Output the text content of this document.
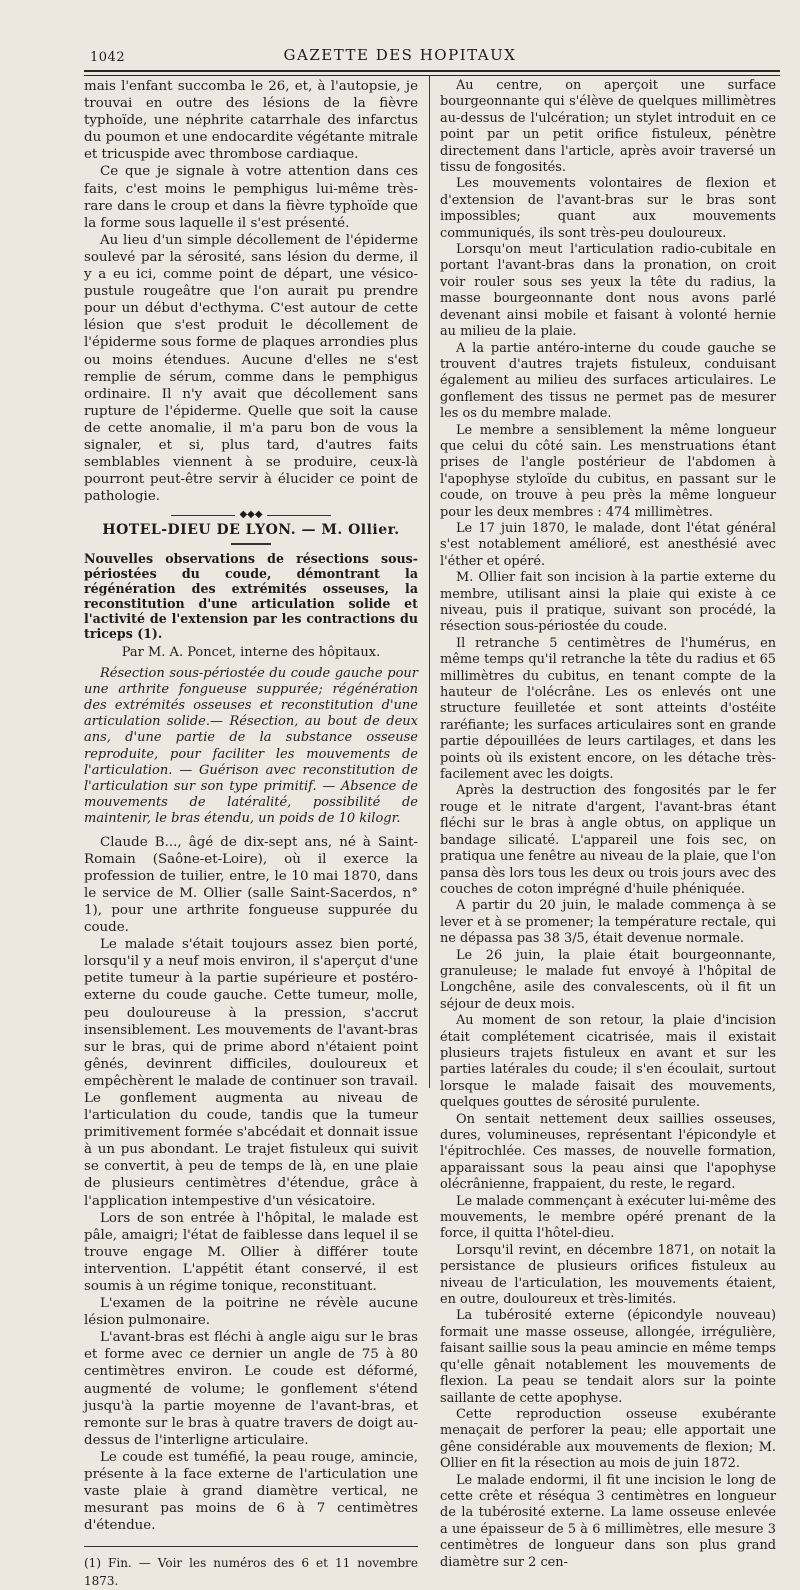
1042	GAZETTE DES HOPITAUX

mais l'enfant succomba le 26, et, à l'autopsie, je trouvai en outre des lésions de la fièvre typhoïde, une néphrite catarrhale des infarctus du poumon et une endocardite végétante mitrale et tricuspide avec thrombose cardiaque.

Ce que je signale à votre attention dans ces faits, c'est moins le pemphigus lui-même très-rare dans le croup et dans la fièvre typhoïde que la forme sous laquelle il s'est présenté.

Au lieu d'un simple décollement de l'épiderme soulevé par la sérosité, sans lésion du derme, il y a eu ici, comme point de départ, une vésico-pustule rougeâtre que l'on aurait pu prendre pour un début d'ecthyma. C'est autour de cette lésion que s'est produit le décollement de l'épiderme sous forme de plaques arrondies plus ou moins étendues. Aucune d'elles ne s'est remplie de sérum, comme dans le pemphigus ordinaire. Il n'y avait que décollement sans rupture de l'épiderme. Quelle que soit la cause de cette anomalie, il m'a paru bon de vous la signaler, et si, plus tard, d'autres faits semblables viennent à se produire, ceux-là pourront peut-être servir à élucider ce point de pathologie.

◆◆◆
HOTEL-DIEU DE LYON. — M. Ollier.

Nouvelles observations de résections sous-périostées du coude, démontrant la régénération des extrémités osseuses, la reconstitution d'une articulation solide et l'activité de l'extension par les contractions du triceps (1).

Par M. A. Poncet, interne des hôpitaux.

Résection sous-périostée du coude gauche pour une arthrite fongueuse suppurée; régénération des extrémités osseuses et reconstitution d'une articulation solide.— Résection, au bout de deux ans, d'une partie de la substance osseuse reproduite, pour faciliter les mouvements de l'articulation. — Guérison avec reconstitution de l'articulation sur son type primitif. — Absence de mouvements de latéralité, possibilité de maintenir, le bras étendu, un poids de 10 kilogr.

Claude B..., âgé de dix-sept ans, né à Saint-Romain (Saône-et-Loire), où il exerce la profession de tuilier, entre, le 10 mai 1870, dans le service de M. Ollier (salle Saint-Sacerdos, n° 1), pour une arthrite fongueuse suppurée du coude.

Le malade s'était toujours assez bien porté, lorsqu'il y a neuf mois environ, il s'aperçut d'une petite tumeur à la partie supérieure et postéro-externe du coude gauche. Cette tumeur, molle, peu douloureuse à la pression, s'accrut insensiblement. Les mouvements de l'avant-bras sur le bras, qui de prime abord n'étaient point gênés, devinrent difficiles, douloureux et empêchèrent le malade de continuer son travail. Le gonflement augmenta au niveau de l'articulation du coude, tandis que la tumeur primitivement formée s'abcédait et donnait issue à un pus abondant. Le trajet fistuleux qui suivit se convertit, à peu de temps de là, en une plaie de plusieurs centimètres d'étendue, grâce à l'application intempestive d'un vésicatoire.

Lors de son entrée à l'hôpital, le malade est pâle, amaigri; l'état de faiblesse dans lequel il se trouve engage M. Ollier à différer toute intervention. L'appétit étant conservé, il est soumis à un régime tonique, reconstituant.

L'examen de la poitrine ne révèle aucune lésion pulmonaire.

L'avant-bras est fléchi à angle aigu sur le bras et forme avec ce dernier un angle de 75 à 80 centimètres environ. Le coude est déformé, augmenté de volume; le gonflement s'étend jusqu'à la partie moyenne de l'avant-bras, et remonte sur le bras à quatre travers de doigt au-dessus de l'interligne articulaire.

Le coude est tuméfié, la peau rouge, amincie, présente à la face externe de l'articulation une vaste plaie à grand diamètre vertical, ne mesurant pas moins de 6 à 7 centimètres d'étendue.

(1) Fin. — Voir les numéros des 6 et 11 novembre 1873.

Au centre, on aperçoit une surface bourgeonnante qui s'élève de quelques millimètres au-dessus de l'ulcération; un stylet introduit en ce point par un petit orifice fistuleux, pénètre directement dans l'article, après avoir traversé un tissu de fongosités.

Les mouvements volontaires de flexion et d'extension de l'avant-bras sur le bras sont impossibles; quant aux mouvements communiqués, ils sont très-peu douloureux.

Lorsqu'on meut l'articulation radio-cubitale en portant l'avant-bras dans la pronation, on croit voir rouler sous ses yeux la tête du radius, la masse bourgeonnante dont nous avons parlé devenant ainsi mobile et faisant à volonté hernie au milieu de la plaie.

A la partie antéro-interne du coude gauche se trouvent d'autres trajets fistuleux, conduisant également au milieu des surfaces articulaires. Le gonflement des tissus ne permet pas de mesurer les os du membre malade.

Le membre a sensiblement la même longueur que celui du côté sain. Les menstruations étant prises de l'angle postérieur de l'abdomen à l'apophyse styloïde du cubitus, en passant sur le coude, on trouve à peu près la même longueur pour les deux membres : 474 millimètres.

Le 17 juin 1870, le malade, dont l'état général s'est notablement amélioré, est anesthésié avec l'éther et opéré.

M. Ollier fait son incision à la partie externe du membre, utilisant ainsi la plaie qui existe à ce niveau, puis il pratique, suivant son procédé, la résection sous-périostée du coude.

Il retranche 5 centimètres de l'humérus, en même temps qu'il retranche la tête du radius et 65 millimètres du cubitus, en tenant compte de la hauteur de l'olécrâne. Les os enlevés ont une structure feuilletée et sont atteints d'ostéite raréfiante; les surfaces articulaires sont en grande partie dépouillées de leurs cartilages, et dans les points où ils existent encore, on les détache très-facilement avec les doigts.

Après la destruction des fongosités par le fer rouge et le nitrate d'argent, l'avant-bras étant fléchi sur le bras à angle obtus, on applique un bandage silicaté. L'appareil une fois sec, on pratiqua une fenêtre au niveau de la plaie, que l'on pansa dès lors tous les deux ou trois jours avec des couches de coton imprégné d'huile phéniquée.

A partir du 20 juin, le malade commença à se lever et à se promener; la température rectale, qui ne dépassa pas 38 3/5, était devenue normale.

Le 26 juin, la plaie était bourgeonnante, granuleuse; le malade fut envoyé à l'hôpital de Longchêne, asile des convalescents, où il fit un séjour de deux mois.

Au moment de son retour, la plaie d'incision était complétement cicatrisée, mais il existait plusieurs trajets fistuleux en avant et sur les parties latérales du coude; il s'en écoulait, surtout lorsque le malade faisait des mouvements, quelques gouttes de sérosité purulente.

On sentait nettement deux saillies osseuses, dures, volumineuses, représentant l'épicondyle et l'épitrochlée. Ces masses, de nouvelle formation, apparaissant sous la peau ainsi que l'apophyse olécrânienne, frappaient, du reste, le regard.

Le malade commençant à exécuter lui-même des mouvements, le membre opéré prenant de la force, il quitta l'hôtel-dieu.

Lorsqu'il revint, en décembre 1871, on notait la persistance de plusieurs orifices fistuleux au niveau de l'articulation, les mouvements étaient, en outre, douloureux et très-limités.

La tubérosité externe (épicondyle nouveau) formait une masse osseuse, allongée, irrégulière, faisant saillie sous la peau amincie en même temps qu'elle gênait notablement les mouvements de flexion. La peau se tendait alors sur la pointe saillante de cette apophyse.

Cette reproduction osseuse exubérante menaçait de perforer la peau; elle apportait une gêne considérable aux mouvements de flexion; M. Ollier en fit la résection au mois de juin 1872.

Le malade endormi, il fit une incision le long de cette crête et réséqua 3 centimètres en longueur de la tubérosité externe. La lame osseuse enlevée a une épaisseur de 5 à 6 millimètres, elle mesure 3 centimètres de longueur dans son plus grand diamètre sur 2 cen-
